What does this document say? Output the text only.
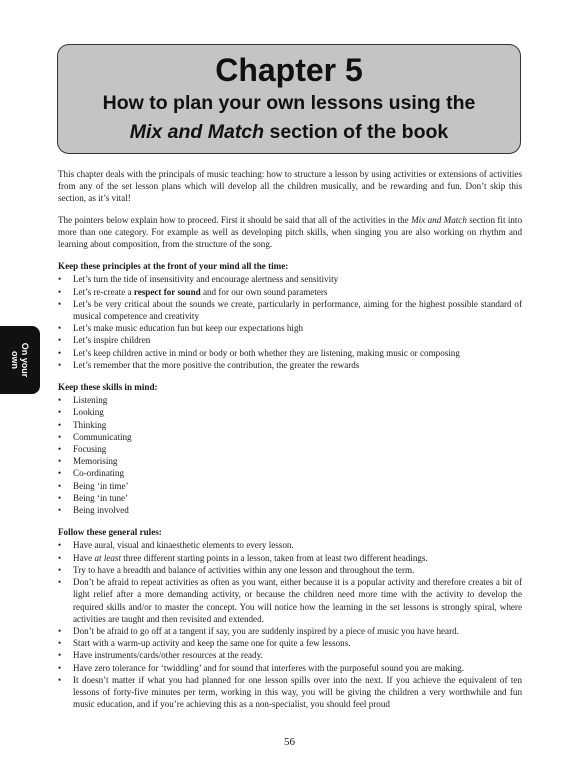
Chapter 5
How to plan your own lessons using the
Mix and Match section of the book
On your
own

This chapter deals with the principals of music teaching: how to structure a lesson by using activities or extensions of activities from any of the set lesson plans which will develop all the children musically, and be rewarding and fun. Don’t skip this section, as it’s vital!

The pointers below explain how to proceed. First it should be said that all of the activities in the Mix and Match section fit into more than one category. For example as well as developing pitch skills, when singing you are also working on rhythm and learning about composition, from the structure of the song.

Keep these principles at the front of your mind all the time:
• Let’s turn the tide of insensitivity and encourage alertness and sensitivity
• Let’s re-create a respect for sound and for our own sound parameters
• Let’s be very critical about the sounds we create, particularly in performance, aiming for the highest possible standard of musical competence and creativity
• Let’s make music education fun but keep our expectations high
• Let’s inspire children
• Let’s keep children active in mind or body or both whether they are listening, making music or composing
• Let’s remember that the more positive the contribution, the greater the rewards
Keep these skills in mind:
• Listening
• Looking
• Thinking
• Communicating
• Focusing
• Memorising
• Co-ordinating
• Being ‘in time’
• Being ‘in tune’
• Being involved
Follow these general rules:
• Have aural, visual and kinaesthetic elements to every lesson.
• Have at least three different starting points in a lesson, taken from at least two different headings.
• Try to have a breadth and balance of activities within any one lesson and throughout the term.
• Don’t be afraid to repeat activities as often as you want, either because it is a popular activity and therefore creates a bit of light relief after a more demanding activity, or because the children need more time with the activity to develop the required skills and/or to master the concept. You will notice how the learning in the set lessons is strongly spiral, where activities are taught and then revisited and extended.
• Don’t be afraid to go off at a tangent if say, you are suddenly inspired by a piece of music you have heard.
• Start with a warm-up activity and keep the same one for quite a few lessons.
• Have instruments/cards/other resources at the ready.
• Have zero tolerance for ‘twiddling’ and for sound that interferes with the purposeful sound you are making.
• It doesn’t matter if what you had planned for one lesson spills over into the next. If you achieve the equivalent of ten lessons of forty-five minutes per term, working in this way, you will be giving the children a very worthwhile and fun music education, and if you’re achieving this as a non-specialist, you should feel proud
56
